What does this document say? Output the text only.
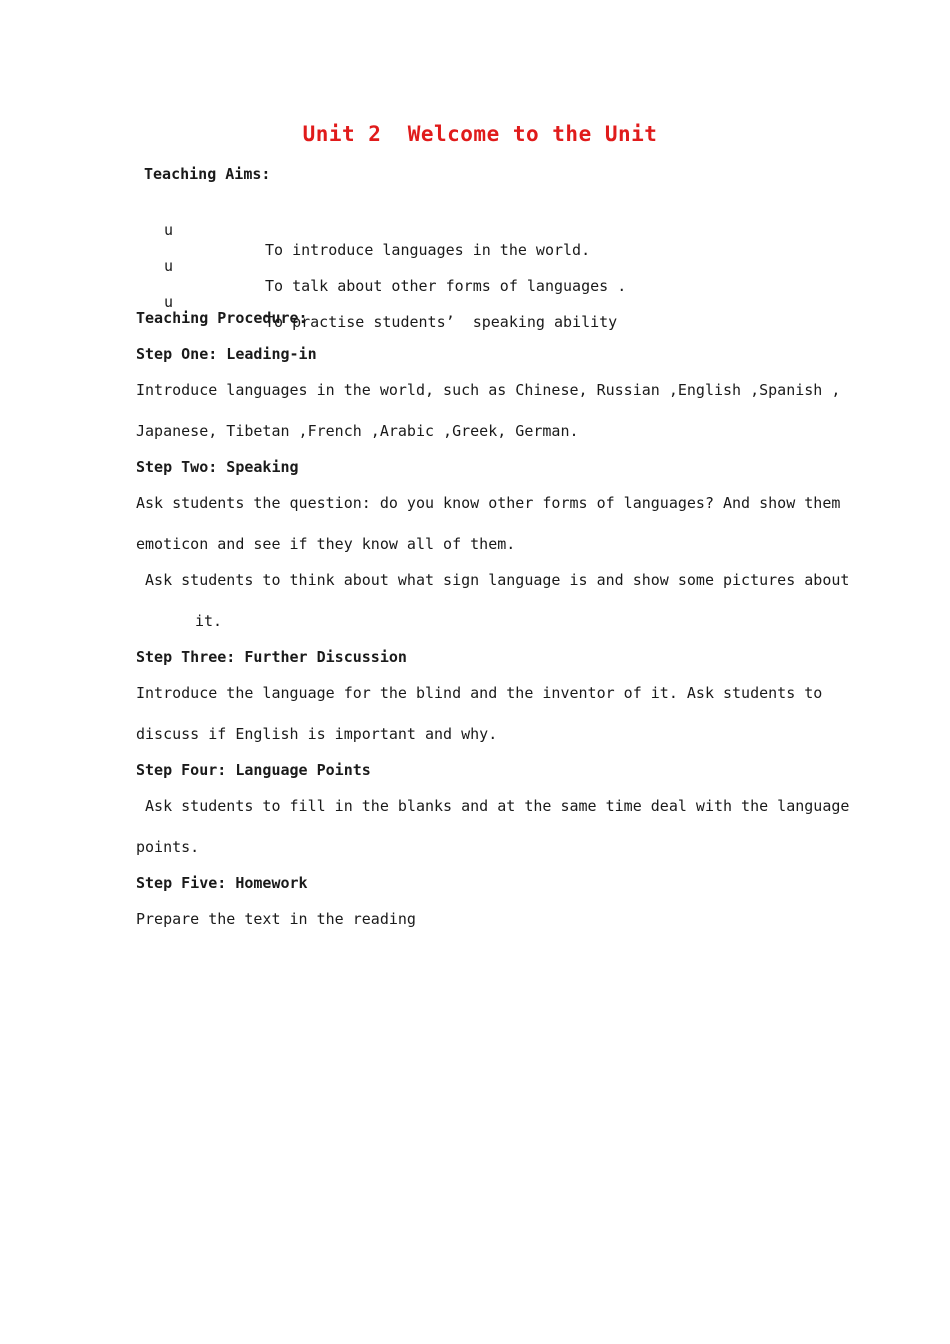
Unit 2  Welcome to the Unit
Teaching Aims:

u

To introduce languages in the world.

u

To talk about other forms of languages .

u

To practise students’  speaking ability

Teaching Procedure:
Step One: Leading-in
Introduce languages in the world, such as Chinese, Russian ,English ,Spanish ,
Japanese, Tibetan ,French ,Arabic ,Greek, German.
Step Two: Speaking
Ask students the question: do you know other forms of languages? And show them
emoticon and see if they know all of them.
Ask students to think about what sign language is and show some pictures about
it.
Step Three: Further Discussion
Introduce the language for the blind and the inventor of it. Ask students to
discuss if English is important and why.
Step Four: Language Points
Ask students to fill in the blanks and at the same time deal with the language
points.
Step Five: Homework
Prepare the text in the reading
